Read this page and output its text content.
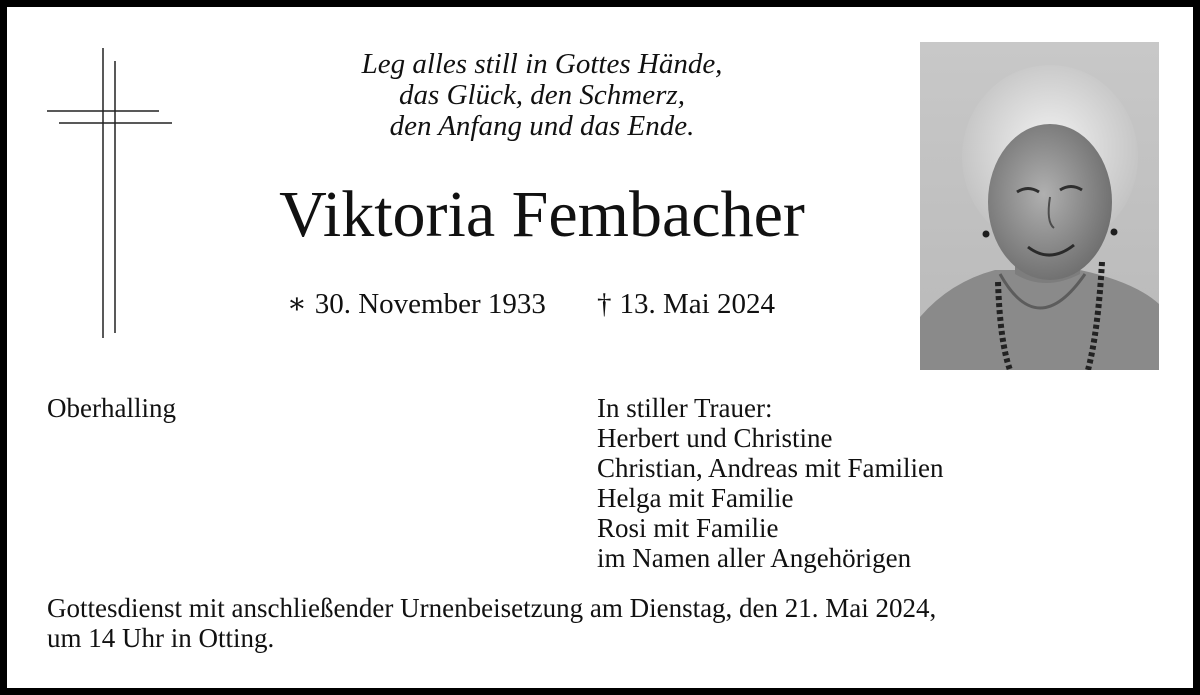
Leg alles still in Gottes Hände,
das Glück, den Schmerz,
den Anfang und das Ende.
Viktoria Fembacher
∗ 30. November 1933 † 13. Mai 2024
Oberhalling	In stiller Trauer:
Herbert und Christine
Christian, Andreas mit Familien
Helga mit Familie
Rosi mit Familie
im Namen aller Angehörigen
Gottesdienst mit anschließender Urnenbeisetzung am Dienstag, den 21. Mai 2024,
um 14 Uhr in Otting.
